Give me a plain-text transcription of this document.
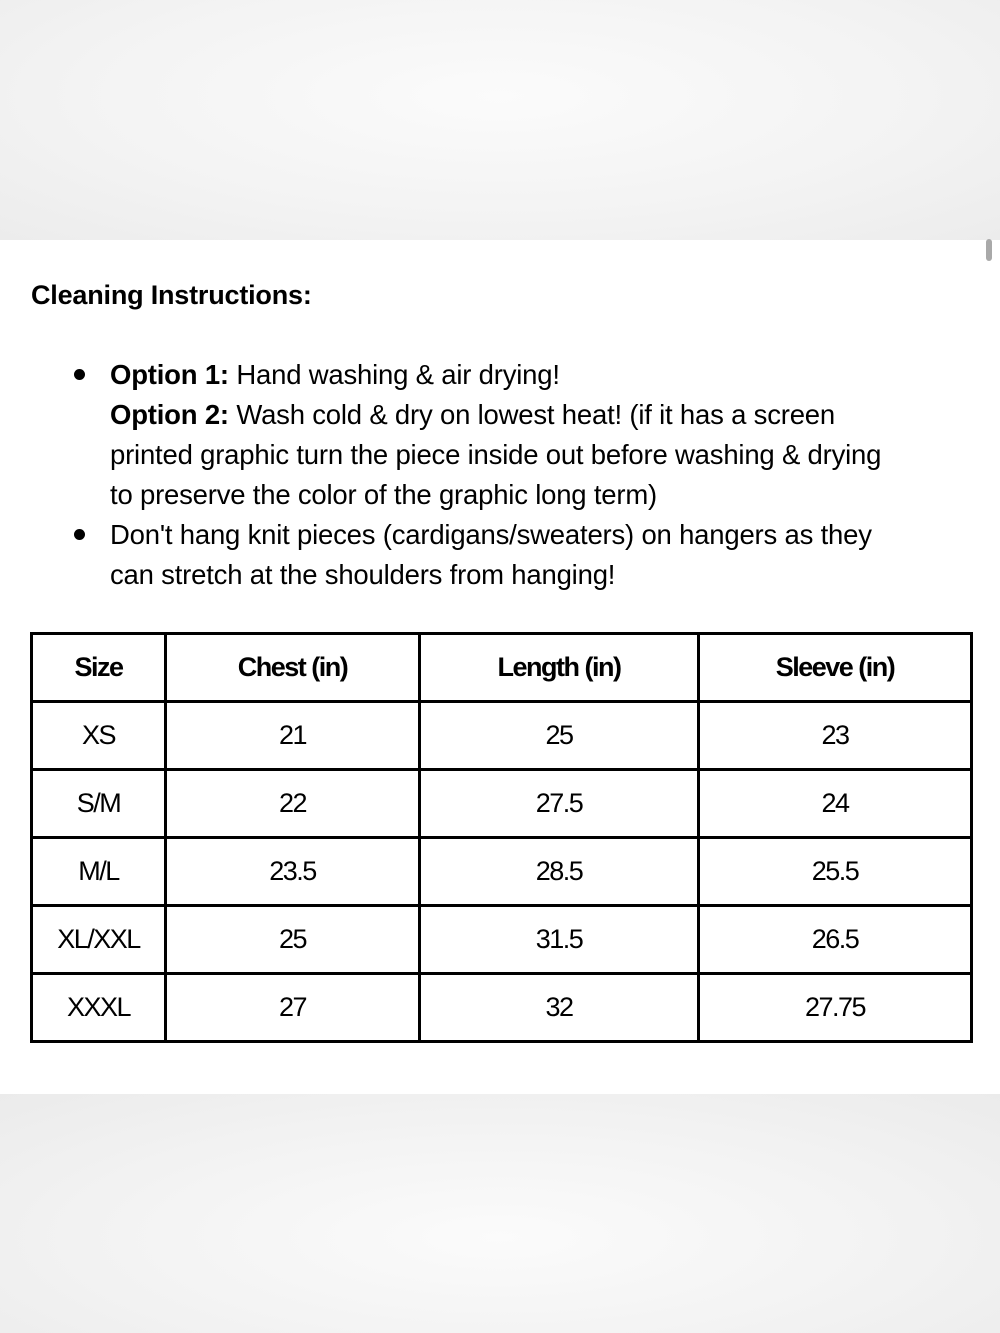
Cleaning Instructions:
Option 1: Hand washing & air drying!
Option 2: Wash cold & dry on lowest heat! (if it has a screen
printed graphic turn the piece inside out before washing & drying
to preserve the color of the graphic long term)
Don't hang knit pieces (cardigans/sweaters) on hangers as they
can stretch at the shoulders from hanging!
Size	Chest (in)	Length (in)	Sleeve (in)
XS	21	25	23
S/M	22	27.5	24
M/L	23.5	28.5	25.5
XL/XXL	25	31.5	26.5
XXXL	27	32	27.75
